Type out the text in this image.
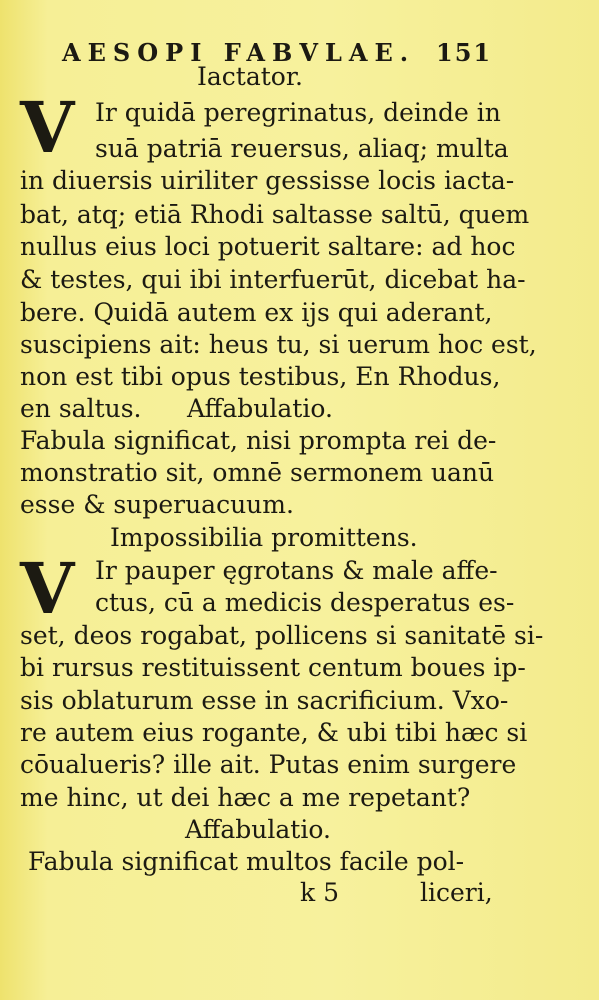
AESOPI FABVLAE. 151
Iactator.
V Ir quidā peregrinatus, deinde in
suā patriā reuersus, aliaq; multa
in diuersis uiriliter gessisse locis iacta-
bat, atq; etiā Rhodi saltasse saltū, quem
nullus eius loci potuerit saltare: ad hoc
& testes, qui ibi interfuerūt, dicebat ha-
bere. Quidā autem ex ijs qui aderant,
suscipiens ait: heus tu, si uerum hoc est,
non est tibi opus testibus, En Rhodus,
en saltus. Affabulatio.
Fabula significat, nisi prompta rei de-
monstratio sit, omnē sermonem uanū
esse & superuacuum.
Impossibilia promittens.
V Ir pauper ęgrotans & male affe-
ctus, cū a medicis desperatus es-
set, deos rogabat, pollicens si sanitatē si-
bi rursus restituissent centum boues ip-
sis oblaturum esse in sacrificium. Vxo-
re autem eius rogante, & ubi tibi hæc si
cōualueris? ille ait. Putas enim surgere
me hinc, ut dei hæc a me repetant?
Affabulatio.
Fabula significat multos facile pol-
k 5	liceri,
